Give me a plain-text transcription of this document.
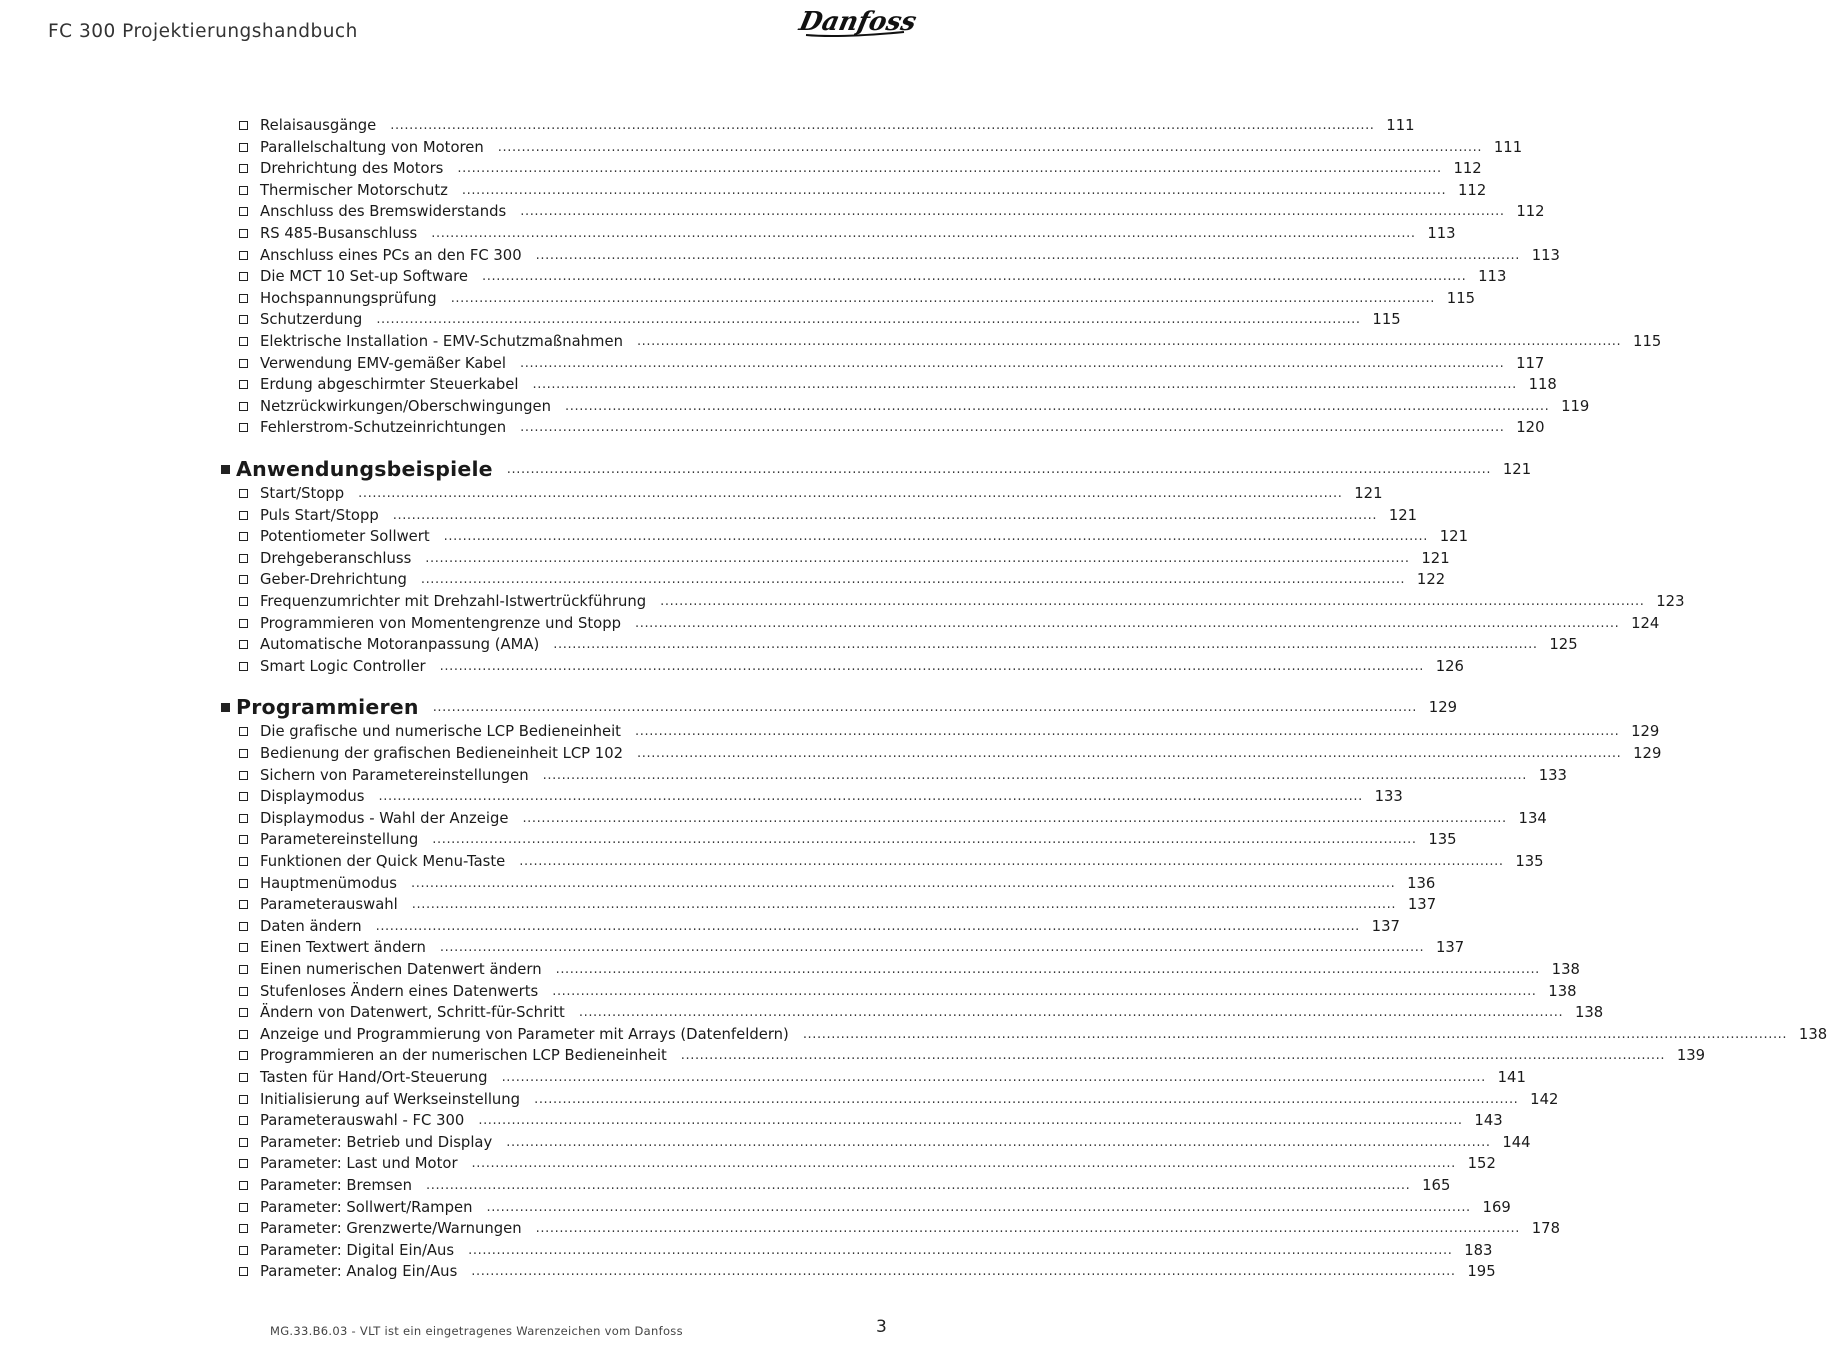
FC 300 Projektierungshandbuch	Danfoss
Relaisausgänge .....	111
Parallelschaltung von Motoren .....	111
Drehrichtung des Motors .....	112
Thermischer Motorschutz .....	112
Anschluss des Bremswiderstands .....	112
RS 485-Busanschluss .....	113
Anschluss eines PCs an den FC 300 .....	113
Die MCT 10 Set-up Software .....	113
Hochspannungsprüfung .....	115
Schutzerdung .....	115
Elektrische Installation - EMV-Schutzmaßnahmen .....	115
Verwendung EMV-gemäßer Kabel .....	117
Erdung abgeschirmter Steuerkabel .....	118
Netzrückwirkungen/Oberschwingungen .....	119
Fehlerstrom-Schutzeinrichtungen .....	120
Anwendungsbeispiele .....	121
Start/Stopp .....	121
Puls Start/Stopp .....	121
Potentiometer Sollwert .....	121
Drehgeberanschluss .....	121
Geber-Drehrichtung .....	122
Frequenzumrichter mit Drehzahl-Istwertrückführung .....	123
Programmieren von Momentengrenze und Stopp .....	124
Automatische Motoranpassung (AMA) .....	125
Smart Logic Controller .....	126
Programmieren .....	129
Die grafische und numerische LCP Bedieneinheit .....	129
Bedienung der grafischen Bedieneinheit LCP 102 .....	129
Sichern von Parametereinstellungen .....	133
Displaymodus .....	133
Displaymodus - Wahl der Anzeige .....	134
Parametereinstellung .....	135
Funktionen der Quick Menu-Taste .....	135
Hauptmenümodus .....	136
Parameterauswahl .....	137
Daten ändern .....	137
Einen Textwert ändern .....	137
Einen numerischen Datenwert ändern .....	138
Stufenloses Ändern eines Datenwerts .....	138
Ändern von Datenwert, Schritt-für-Schritt .....	138
Anzeige und Programmierung von Parameter mit Arrays (Datenfeldern) .....	138
Programmieren an der numerischen LCP Bedieneinheit .....	139
Tasten für Hand/Ort-Steuerung .....	141
Initialisierung auf Werkseinstellung .....	142
Parameterauswahl - FC 300 .....	143
Parameter: Betrieb und Display .....	144
Parameter: Last und Motor .....	152
Parameter: Bremsen .....	165
Parameter: Sollwert/Rampen .....	169
Parameter: Grenzwerte/Warnungen .....	178
Parameter: Digital Ein/Aus .....	183
Parameter: Analog Ein/Aus .....	195
MG.33.B6.03 - VLT ist ein eingetragenes Warenzeichen vom Danfoss	3
